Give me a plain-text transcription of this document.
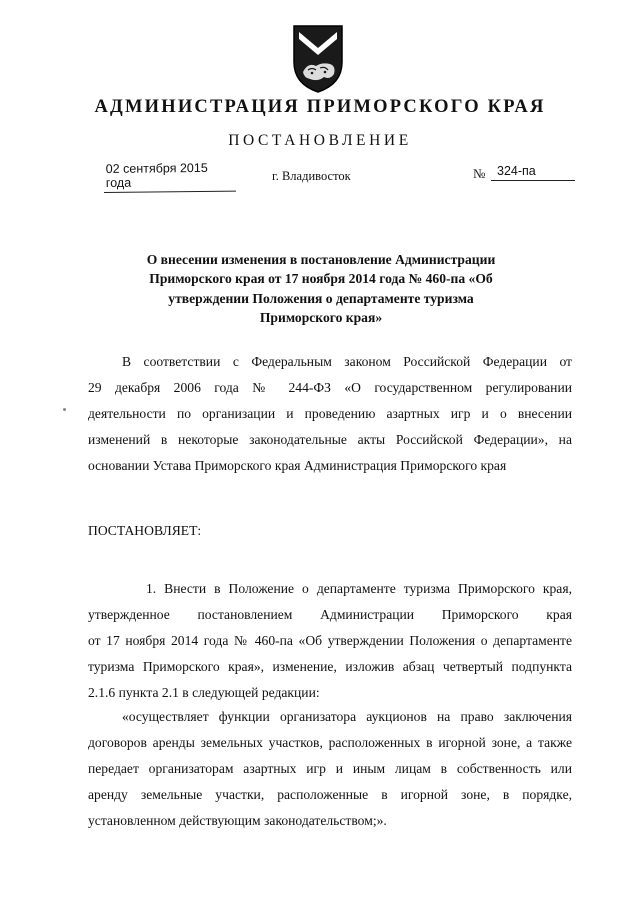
АДМИНИСТРАЦИЯ ПРИМОРСКОГО КРАЯ
ПОСТАНОВЛЕНИЕ
02 сентября 2015 года	г. Владивосток	№ 324-па
О внесении изменения в постановление Администрации
Приморского края от 17 ноября 2014 года № 460-па «Об
утверждении Положения о департаменте туризма
Приморского края»
В соответствии с Федеральным законом Российской Федерации от
29 декабря 2006 года № 244-ФЗ «О государственном регулировании
деятельности по организации и проведению азартных игр и о внесении
изменений в некоторые законодательные акты Российской Федерации», на
основании Устава Приморского края Администрация Приморского края
ПОСТАНОВЛЯЕТ:
1. Внести в Положение о департаменте туризма Приморского края,
утвержденное постановлением Администрации Приморского края
от 17 ноября 2014 года № 460-па «Об утверждении Положения о департаменте
туризма Приморского края», изменение, изложив абзац четвертый подпункта
2.1.6 пункта 2.1 в следующей редакции:
«осуществляет функции организатора аукционов на право заключения
договоров аренды земельных участков, расположенных в игорной зоне, а также
передает организаторам азартных игр и иным лицам в собственность или
аренду земельные участки, расположенные в игорной зоне, в порядке,
установленном действующим законодательством;».
